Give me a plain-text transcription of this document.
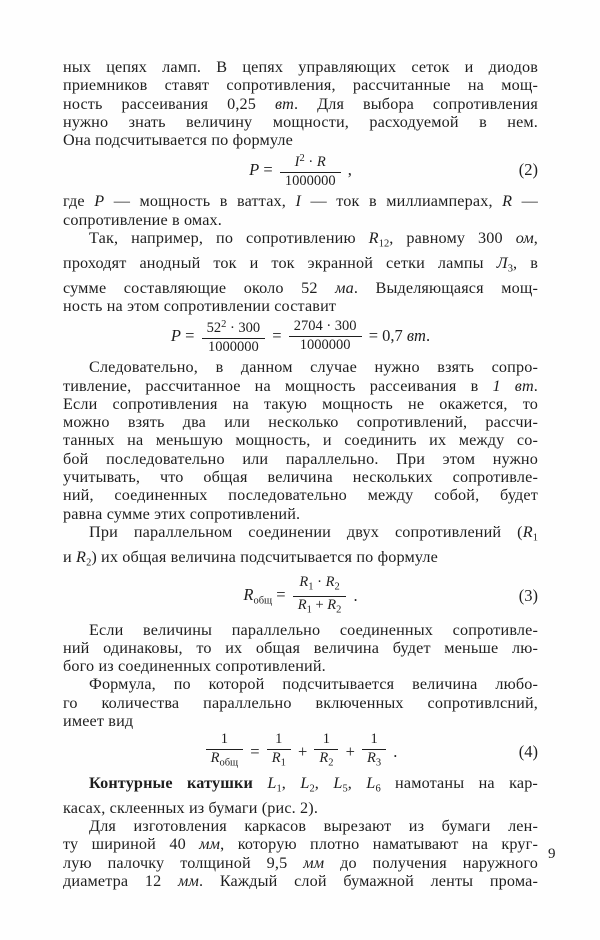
ных цепях ламп. В цепях управляющих сеток и диодов
приемников ставят сопротивления, рассчитанные на мощ-
ность рассеивания 0,25 вт. Для выбора сопротивления
нужно знать величину мощности, расходуемой в нем.
Она подсчитывается по формуле
$P = \frac{I^2 \cdot R}{1000000}$ ,	(2)
где P — мощность в ваттах, I — ток в миллиамперах, R —
сопротивление в омах.
Так, например, по сопротивлению $R_{12}$, равному 300 ом,
проходят анодный ток и ток экранной сетки лампы $Л_3$, в
сумме составляющие около 52 ма. Выделяющаяся мощ-
ность на этом сопротивлении составит
$P = \frac{52^2 \cdot 300}{1000000} = \frac{2704 \cdot 300}{1000000} = 0,7$ вт.
Следовательно, в данном случае нужно взять сопро-
тивление, рассчитанное на мощность рассеивания в 1 вт.
Если сопротивления на такую мощность не окажется, то
можно взять два или несколько сопротивлений, рассчи-
танных на меньшую мощность, и соединить их между со-
бой последовательно или параллельно. При этом нужно
учитывать, что общая величина нескольких сопротивле-
ний, соединенных последовательно между собой, будет
равна сумме этих сопротивлений.
При параллельном соединении двух сопротивлений ($R_1$
и $R_2$) их общая величина подсчитывается по формуле
$R_{общ} = \frac{R_1 \cdot R_2}{R_1 + R_2}$ .	(3)
Если величины параллельно соединенных сопротивле-
ний одинаковы, то их общая величина будет меньше лю-
бого из соединенных сопротивлений.
Формула, по которой подсчитывается величина любо-
го количества параллельно включенных сопротивлсний,
имеет вид
$\frac{1}{R_{общ}} = \frac{1}{R_1} + \frac{1}{R_2} + \frac{1}{R_3}$ .	(4)
Контурные катушки $L_1$, $L_2$, $L_5$, $L_6$ намотаны на кар-
касах, склеенных из бумаги (рис. 2).
Для изготовления каркасов вырезают из бумаги лен-
ту шириной 40 мм, которую плотно наматывают на круг-
лую палочку толщиной 9,5 мм до получения наружного
диаметра 12 мм. Каждый слой бумажной ленты прома-
9
